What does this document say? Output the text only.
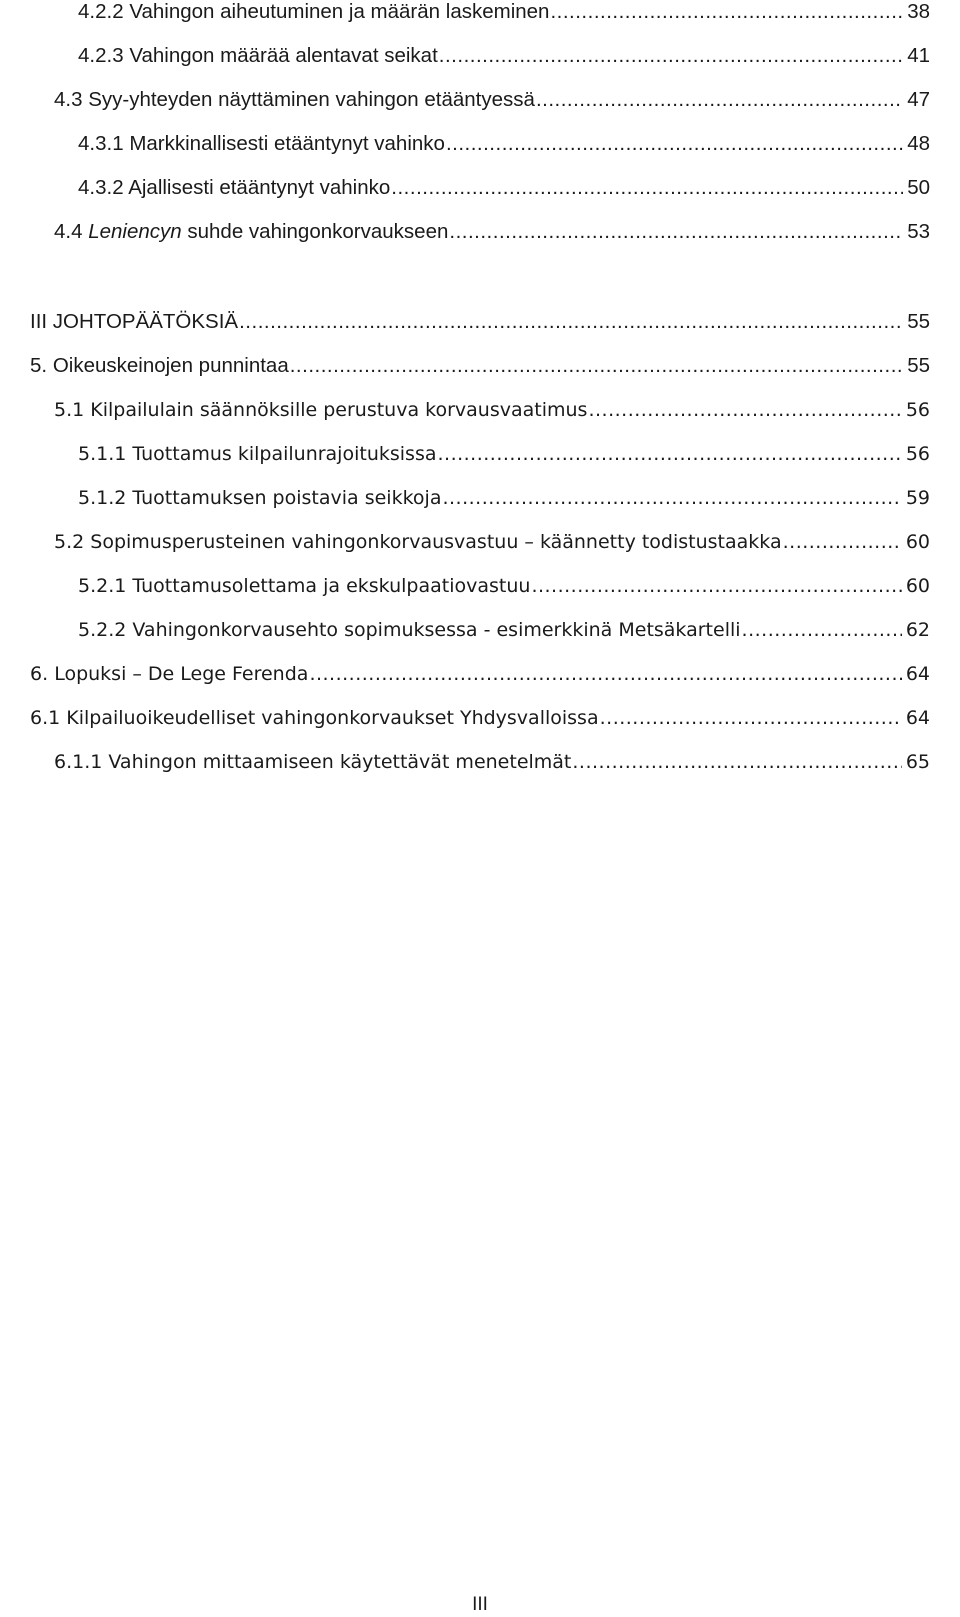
4.2.2 Vahingon aiheutuminen ja määrän laskeminen .....	38
4.2.3 Vahingon määrää alentavat seikat .....	41
4.3 Syy-yhteyden näyttäminen vahingon etääntyessä .....	47
4.3.1 Markkinallisesti etääntynyt vahinko .....	48
4.3.2 Ajallisesti etääntynyt vahinko .....	50
4.4 Leniencyn suhde vahingonkorvaukseen .....	53
III JOHTOPÄÄTÖKSIÄ .....	55
5. Oikeuskeinojen punnintaa .....	55
5.1 Kilpailulain säännöksille perustuva korvausvaatimus .....	56
5.1.1 Tuottamus kilpailunrajoituksissa .....	56
5.1.2 Tuottamuksen poistavia seikkoja .....	59
5.2 Sopimusperusteinen vahingonkorvausvastuu – käännetty todistustaakka .....	60
5.2.1 Tuottamusolettama ja ekskulpaatiovastuu .....	60
5.2.2 Vahingonkorvausehto sopimuksessa - esimerkkinä Metsäkartelli .....	62
6. Lopuksi – De Lege Ferenda .....	64
6.1 Kilpailuoikeudelliset vahingonkorvaukset Yhdysvalloissa .....	64
6.1.1 Vahingon mittaamiseen käytettävät menetelmät .....	65
III
